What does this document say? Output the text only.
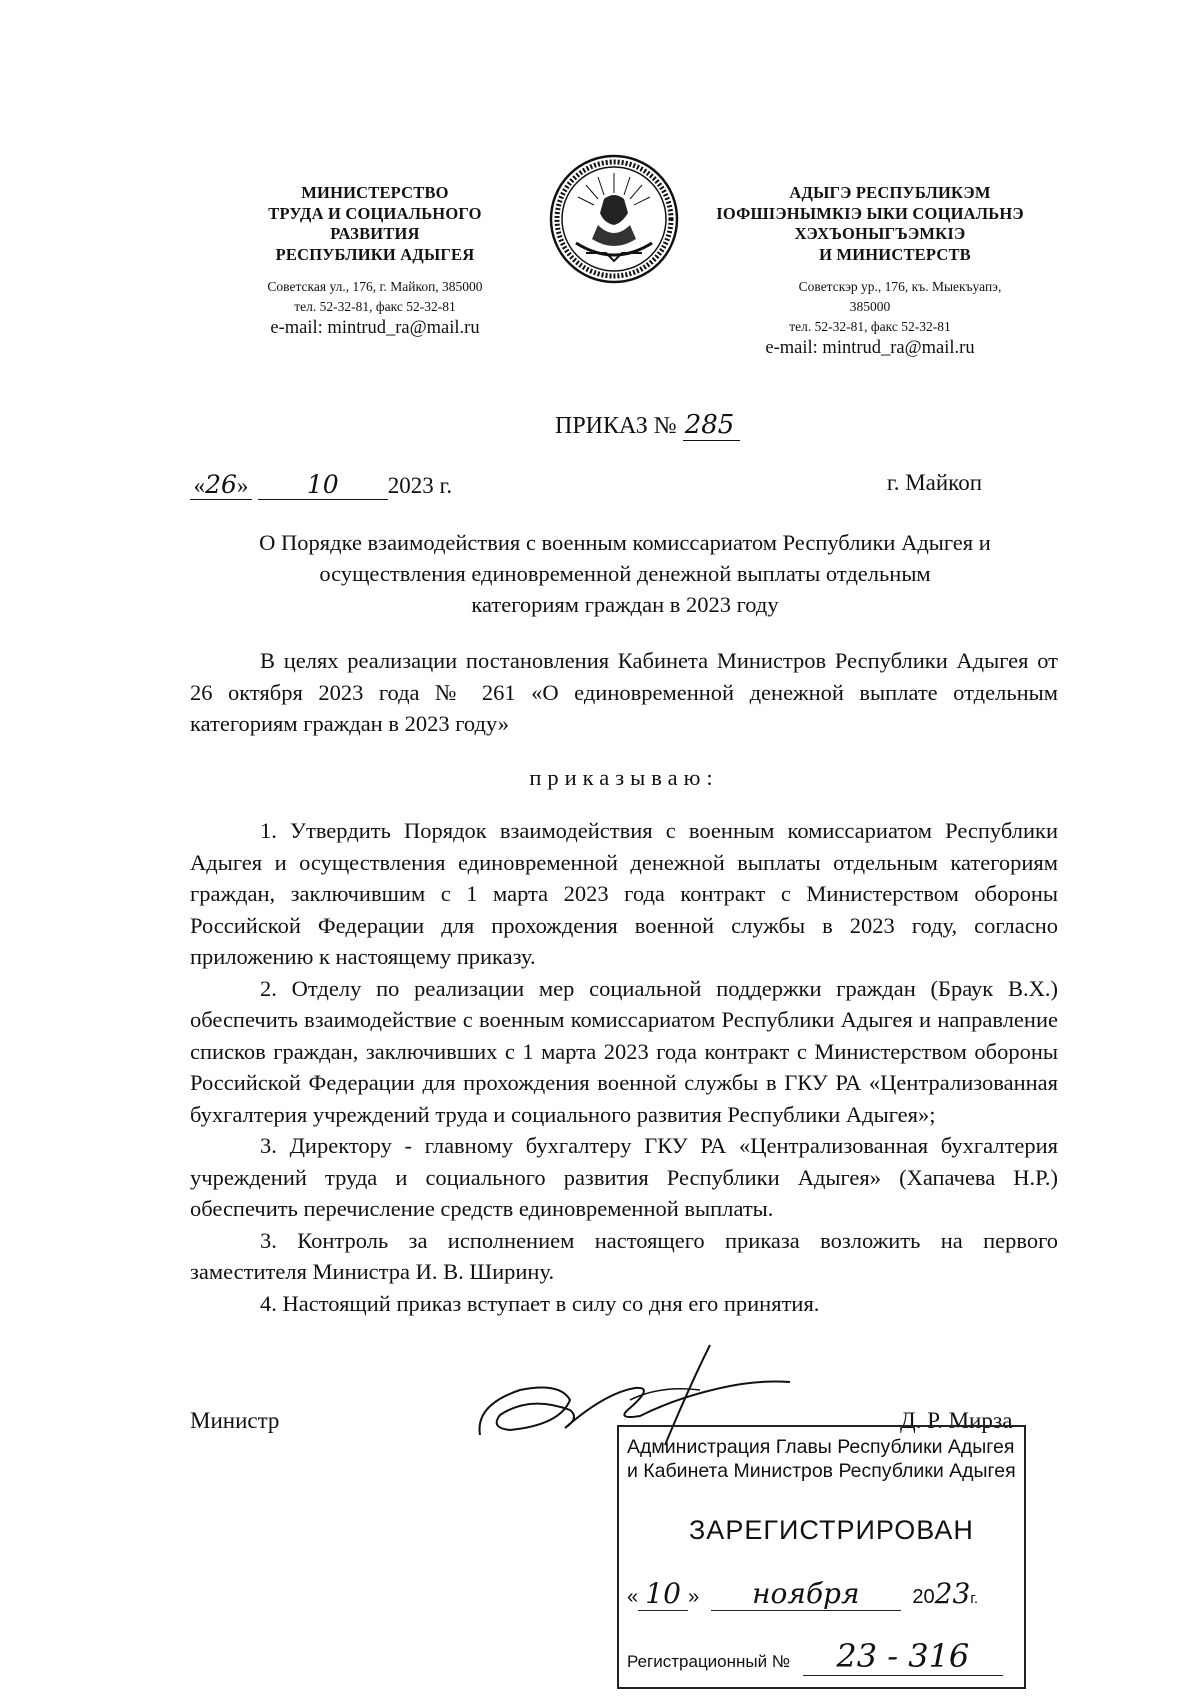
МИНИСТЕРСТВО
ТРУДА И СОЦИАЛЬНОГО
РАЗВИТИЯ
РЕСПУБЛИКИ АДЫГЕЯ
Советская ул., 176, г. Майкоп, 385000
тел. 52-32-81, факс 52-32-81
e-mail: mintrud_ra@mail.ru
АДЫГЭ РЕСПУБЛИКЭМ
ІОФШІЭНЫМКІЭ ЫКИ СОЦИАЛЬНЭ
ХЭХЪОНЫГЪЭМКІЭ
И МИНИСТЕРСТВ
Советскэр ур., 176, къ. Мыекъуапэ,
385000
тел. 52-32-81, факс 52-32-81
e-mail: mintrud_ra@mail.ru
ПРИКАЗ № 285
«26» 10 2023 г.	г. Майкоп
О Порядке взаимодействия с военным комиссариатом Республики Адыгея и
осуществления единовременной денежной выплаты отдельным
категориям граждан в 2023 году

В целях реализации постановления Кабинета Министров Республики Адыгея от 26 октября 2023 года № 261 «О единовременной денежной выплате отдельным категориям граждан в 2023 году»

приказываю:

1. Утвердить Порядок взаимодействия с военным комиссариатом Республики Адыгея и осуществления единовременной денежной выплаты отдельным категориям граждан, заключившим с 1 марта 2023 года контракт с Министерством обороны Российской Федерации для прохождения военной службы в 2023 году, согласно приложению к настоящему приказу.

2. Отделу по реализации мер социальной поддержки граждан (Браук В.Х.) обеспечить взаимодействие с военным комиссариатом Республики Адыгея и направление списков граждан, заключивших с 1 марта 2023 года контракт с Министерством обороны Российской Федерации для прохождения военной службы в ГКУ РА «Централизованная бухгалтерия учреждений труда и социального развития Республики Адыгея»;

3. Директору - главному бухгалтеру ГКУ РА «Централизованная бухгалтерия учреждений труда и социального развития Республики Адыгея» (Хапачева Н.Р.) обеспечить перечисление средств единовременной выплаты.

3. Контроль за исполнением настоящего приказа возложить на первого заместителя Министра И. В. Ширину.

4. Настоящий приказ вступает в силу со дня его принятия.

Министр	Д. Р. Мирза
Администрация Главы Республики Адыгея
и Кабинета Министров Республики Адыгея
ЗАРЕГИСТРИРОВАН
« 10 » ноября	2023г.
Регистрационный № 23 - 316
